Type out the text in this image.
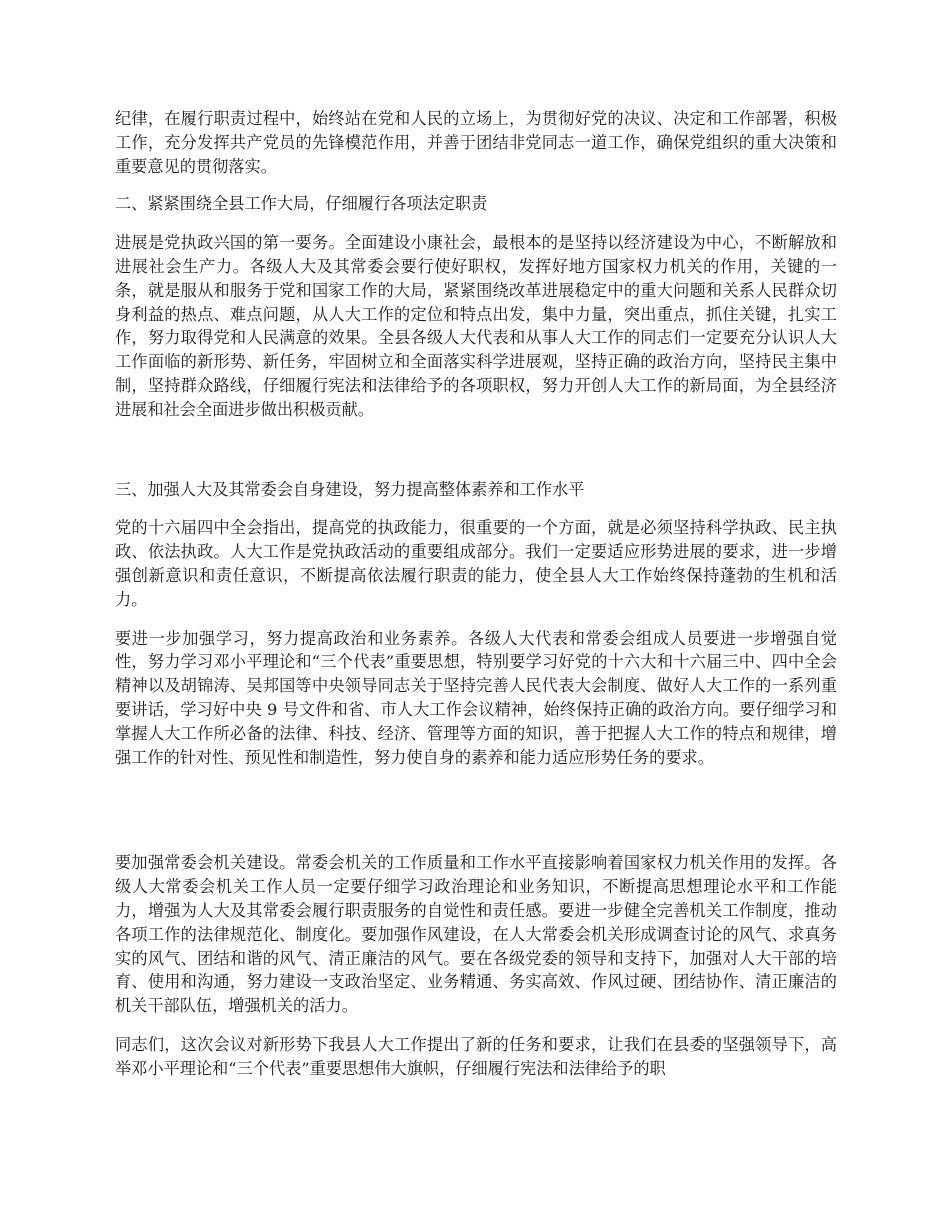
纪律，在履行职责过程中，始终站在党和人民的立场上，为贯彻好党的决议、决定和工作部署，积极工作，充分发挥共产党员的先锋模范作用，并善于团结非党同志一道工作，确保党组织的重大决策和重要意见的贯彻落实。

二、紧紧围绕全县工作大局，仔细履行各项法定职责

进展是党执政兴国的第一要务。全面建设小康社会，最根本的是坚持以经济建设为中心，不断解放和进展社会生产力。各级人大及其常委会要行使好职权，发挥好地方国家权力机关的作用，关键的一条，就是服从和服务于党和国家工作的大局，紧紧围绕改革进展稳定中的重大问题和关系人民群众切身利益的热点、难点问题，从人大工作的定位和特点出发，集中力量，突出重点，抓住关键，扎实工作，努力取得党和人民满意的效果。全县各级人大代表和从事人大工作的同志们一定要充分认识人大工作面临的新形势、新任务，牢固树立和全面落实科学进展观，坚持正确的政治方向，坚持民主集中制，坚持群众路线，仔细履行宪法和法律给予的各项职权，努力开创人大工作的新局面，为全县经济进展和社会全面进步做出积极贡献。

三、加强人大及其常委会自身建设，努力提高整体素养和工作水平

党的十六届四中全会指出，提高党的执政能力，很重要的一个方面，就是必须坚持科学执政、民主执政、依法执政。人大工作是党执政活动的重要组成部分。我们一定要适应形势进展的要求，进一步增强创新意识和责任意识，不断提高依法履行职责的能力，使全县人大工作始终保持蓬勃的生机和活力。

要进一步加强学习，努力提高政治和业务素养。各级人大代表和常委会组成人员要进一步增强自觉性，努力学习邓小平理论和“三个代表”重要思想，特别要学习好党的十六大和十六届三中、四中全会精神以及胡锦涛、吴邦国等中央领导同志关于坚持完善人民代表大会制度、做好人大工作的一系列重要讲话，学习好中央 9 号文件和省、市人大工作会议精神，始终保持正确的政治方向。要仔细学习和掌握人大工作所必备的法律、科技、经济、管理等方面的知识，善于把握人大工作的特点和规律，增强工作的针对性、预见性和制造性，努力使自身的素养和能力适应形势任务的要求。

要加强常委会机关建设。常委会机关的工作质量和工作水平直接影响着国家权力机关作用的发挥。各级人大常委会机关工作人员一定要仔细学习政治理论和业务知识，不断提高思想理论水平和工作能力，增强为人大及其常委会履行职责服务的自觉性和责任感。要进一步健全完善机关工作制度，推动各项工作的法律规范化、制度化。要加强作风建设，在人大常委会机关形成调查讨论的风气、求真务实的风气、团结和谐的风气、清正廉洁的风气。要在各级党委的领导和支持下，加强对人大干部的培育、使用和沟通，努力建设一支政治坚定、业务精通、务实高效、作风过硬、团结协作、清正廉洁的机关干部队伍，增强机关的活力。

同志们，这次会议对新形势下我县人大工作提出了新的任务和要求，让我们在县委的坚强领导下，高举邓小平理论和“三个代表”重要思想伟大旗帜，仔细履行宪法和法律给予的职
